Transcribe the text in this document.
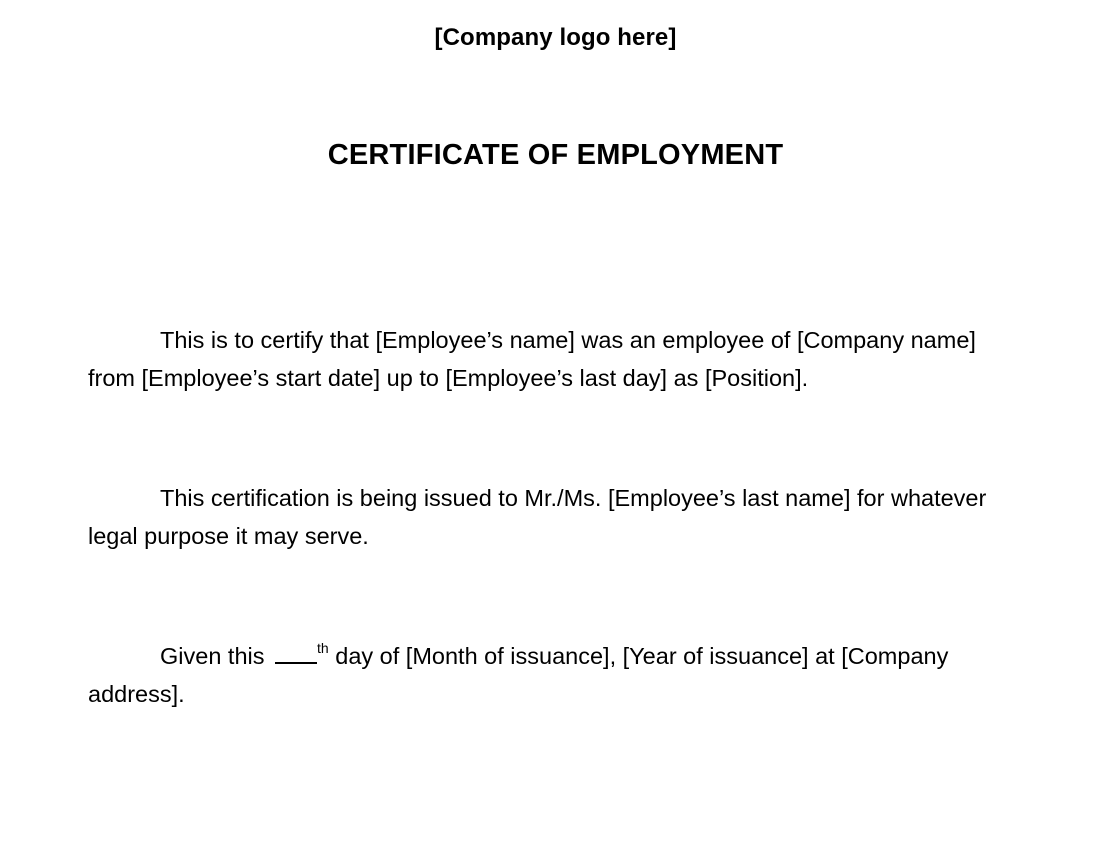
[Company logo here]
CERTIFICATE OF EMPLOYMENT

This is to certify that [Employee’s name] was an employee of [Company name] from [Employee’s start date] up to [Employee’s last day] as [Position].

This certification is being issued to Mr./Ms. [Employee’s last name] for whatever legal purpose it may serve.

Given this	$^{th}$ day of [Month of issuance], [Year of issuance] at [Company address].
